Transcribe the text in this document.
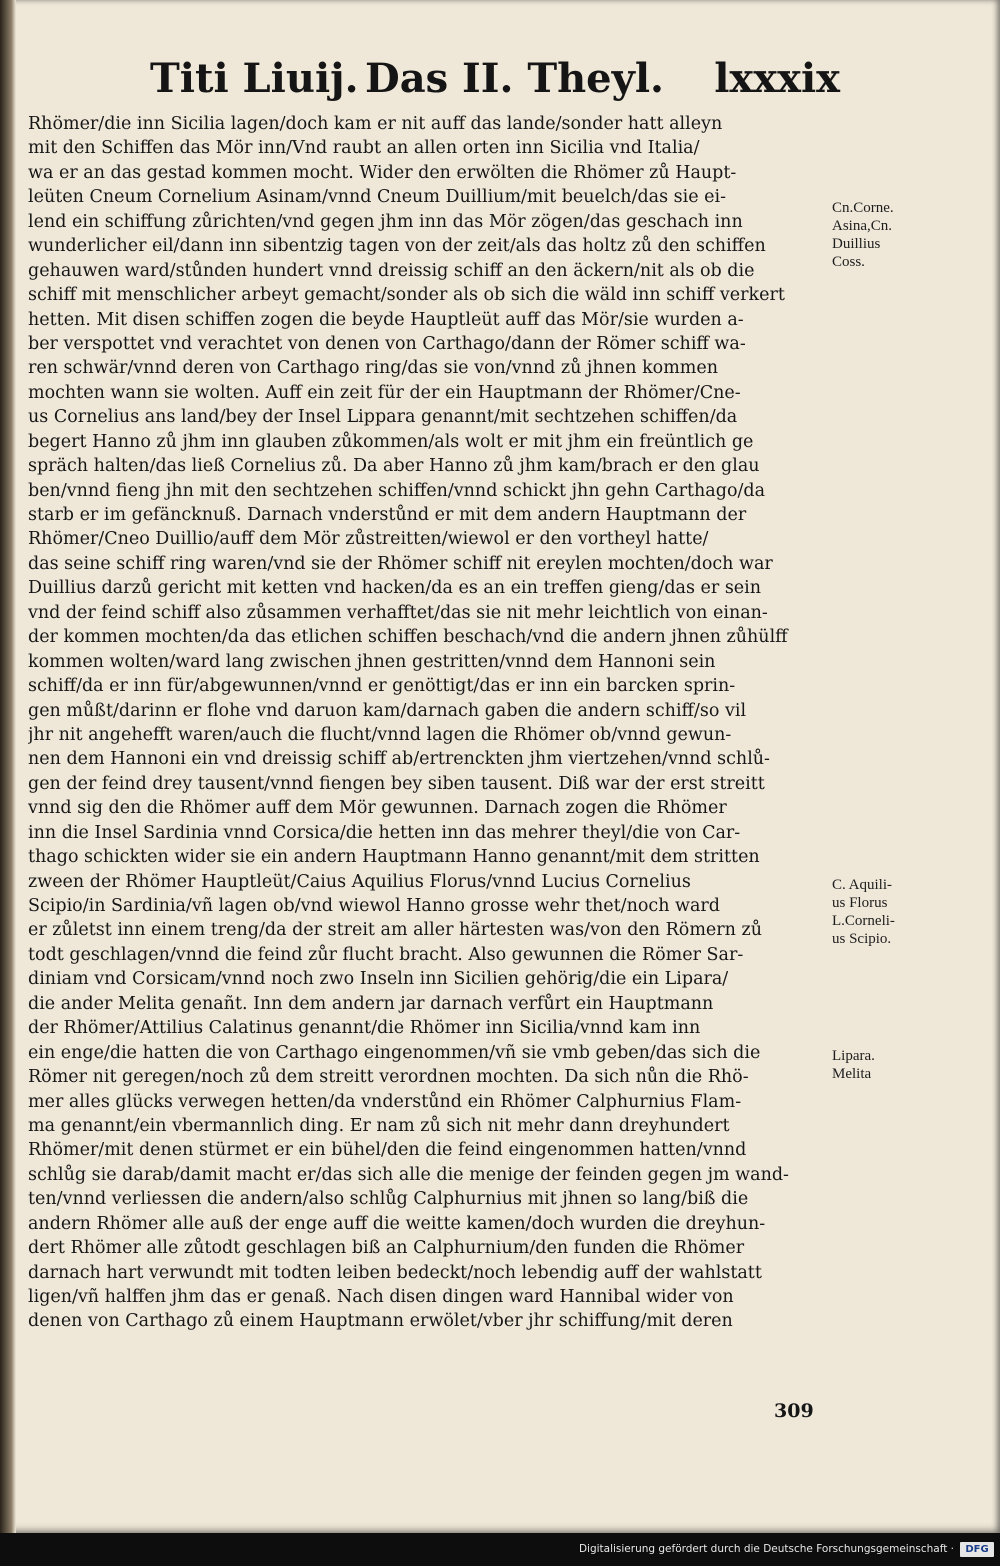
Titi Liuij. Das II. Theyl. lxxxix
Rhömer/die inn Sicilia lagen/doch kam er nit auff das lande/sonder hatt alleyn
mit den Schiffen das Mör inn/Vnd raubt an allen orten inn Sicilia vnd Italia/
wa er an das gestad kommen mocht. Wider den erwölten die Rhömer zů Haupt-
leüten Cneum Cornelium Asinam/vnnd Cneum Duillium/mit beuelch/das sie ei-
lend ein schiffung zůrichten/vnd gegen jhm inn das Mör zögen/das geschach inn
wunderlicher eil/dann inn sibentzig tagen von der zeit/als das holtz zů den schiffen
gehauwen ward/stůnden hundert vnnd dreissig schiff an den äckern/nit als ob die
schiff mit menschlicher arbeyt gemacht/sonder als ob sich die wäld inn schiff verkert
hetten. Mit disen schiffen zogen die beyde Hauptleüt auff das Mör/sie wurden a-
ber verspottet vnd verachtet von denen von Carthago/dann der Römer schiff wa-
ren schwär/vnnd deren von Carthago ring/das sie von/vnnd zů jhnen kommen
mochten wann sie wolten. Auff ein zeit für der ein Hauptmann der Rhömer/Cne-
us Cornelius ans land/bey der Insel Lippara genannt/mit sechtzehen schiffen/da
begert Hanno zů jhm inn glauben zůkommen/als wolt er mit jhm ein freüntlich ge
spräch halten/das ließ Cornelius zů. Da aber Hanno zů jhm kam/brach er den glau
ben/vnnd fieng jhn mit den sechtzehen schiffen/vnnd schickt jhn gehn Carthago/da
starb er im gefäncknuß. Darnach vnderstůnd er mit dem andern Hauptmann der
Rhömer/Cneo Duillio/auff dem Mör zůstreitten/wiewol er den vortheyl hatte/
das seine schiff ring waren/vnd sie der Rhömer schiff nit ereylen mochten/doch war
Duillius darzů gericht mit ketten vnd hacken/da es an ein treffen gieng/das er sein
vnd der feind schiff also zůsammen verhafftet/das sie nit mehr leichtlich von einan-
der kommen mochten/da das etlichen schiffen beschach/vnd die andern jhnen zůhülff
kommen wolten/ward lang zwischen jhnen gestritten/vnnd dem Hannoni sein
schiff/da er inn für/abgewunnen/vnnd er genöttigt/das er inn ein barcken sprin-
gen můßt/darinn er flohe vnd daruon kam/darnach gaben die andern schiff/so vil
jhr nit angehefft waren/auch die flucht/vnnd lagen die Rhömer ob/vnnd gewun-
nen dem Hannoni ein vnd dreissig schiff ab/ertrenckten jhm viertzehen/vnnd schlů-
gen der feind drey tausent/vnnd fiengen bey siben tausent. Diß war der erst streitt
vnnd sig den die Rhömer auff dem Mör gewunnen. Darnach zogen die Rhömer
inn die Insel Sardinia vnnd Corsica/die hetten inn das mehrer theyl/die von Car-
thago schickten wider sie ein andern Hauptmann Hanno genannt/mit dem stritten
zween der Rhömer Hauptleüt/Caius Aquilius Florus/vnnd Lucius Cornelius
Scipio/in Sardinia/vñ lagen ob/vnd wiewol Hanno grosse wehr thet/noch ward
er zůletst inn einem treng/da der streit am aller härtesten was/von den Römern zů
todt geschlagen/vnnd die feind zůr flucht bracht. Also gewunnen die Römer Sar-
diniam vnd Corsicam/vnnd noch zwo Inseln inn Sicilien gehörig/die ein Lipara/
die ander Melita genañt. Inn dem andern jar darnach verfůrt ein Hauptmann
der Rhömer/Attilius Calatinus genannt/die Rhömer inn Sicilia/vnnd kam inn
ein enge/die hatten die von Carthago eingenommen/vñ sie vmb geben/das sich die
Römer nit geregen/noch zů dem streitt verordnen mochten. Da sich nůn die Rhö-
mer alles glücks verwegen hetten/da vnderstůnd ein Rhömer Calphurnius Flam-
ma genannt/ein vbermannlich ding. Er nam zů sich nit mehr dann dreyhundert
Rhömer/mit denen stürmet er ein bühel/den die feind eingenommen hatten/vnnd
schlůg sie darab/damit macht er/das sich alle die menige der feinden gegen jm wand-
ten/vnnd verliessen die andern/also schlůg Calphurnius mit jhnen so lang/biß die
andern Rhömer alle auß der enge auff die weitte kamen/doch wurden die dreyhun-
dert Rhömer alle zůtodt geschlagen biß an Calphurnium/den funden die Rhömer
darnach hart verwundt mit todten leiben bedeckt/noch lebendig auff der wahlstatt
ligen/vñ halffen jhm das er genaß. Nach disen dingen ward Hannibal wider von
denen von Carthago zů einem Hauptmann erwölet/vber jhr schiffung/mit deren
Cn.Corne.
Asina,Cn.
Duillius
Coss.
C. Aquili-
us Florus
L.Corneli-
us Scipio.
Lipara.
Melita
309
Digitalisierung gefördert durch die Deutsche Forschungsgemeinschaft ·	DFG
